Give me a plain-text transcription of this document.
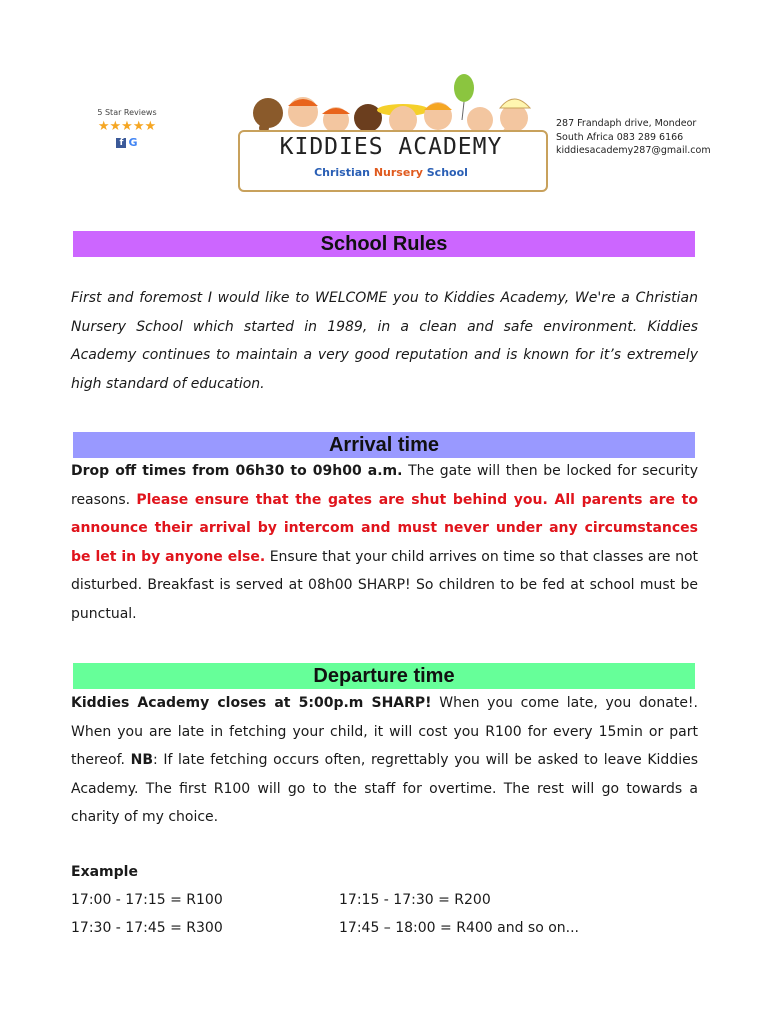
5 Star Reviews
★★★★★
f G	KIDDIES ACADEMY
Christian Nursery School
287 Frandaph drive, Mondeor
South Africa 083 289 6166
kiddiesacademy287@gmail.com
School Rules

First and foremost I would like to WELCOME you to Kiddies Academy, We're a Christian Nursery School which started in 1989, in a clean and safe environment. Kiddies Academy continues to maintain a very good reputation and is known for it’s extremely high standard of education.

Arrival time

Drop off times from 06h30 to 09h00 a.m. The gate will then be locked for security reasons. Please ensure that the gates are shut behind you. All parents are to announce their arrival by intercom and must never under any circumstances be let in by anyone else. Ensure that your child arrives on time so that classes are not disturbed. Breakfast is served at 08h00 SHARP! So children to be fed at school must be punctual.

Departure time

Kiddies Academy closes at 5:00p.m SHARP! When you come late, you donate!. When you are late in fetching your child, it will cost you R100 for every 15min or part thereof. NB: If late fetching occurs often, regrettably you will be asked to leave Kiddies Academy. The first R100 will go to the staff for overtime. The rest will go towards a charity of my choice.

Example

17:00 - 17:15 = R100	17:15 - 17:30 = R200

17:30 - 17:45 = R300	17:45 – 18:00 = R400 and so on...
